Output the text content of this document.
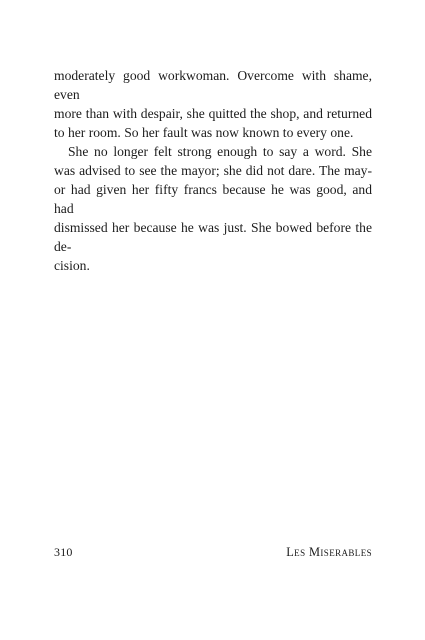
moderately good workwoman. Overcome with shame, even
more than with despair, she quitted the shop, and returned
to her room. So her fault was now known to every one.
She no longer felt strong enough to say a word. She
was advised to see the mayor; she did not dare. The may-
or had given her fifty francs because he was good, and had
dismissed her because he was just. She bowed before the de-
cision.
310	Les Miserables
